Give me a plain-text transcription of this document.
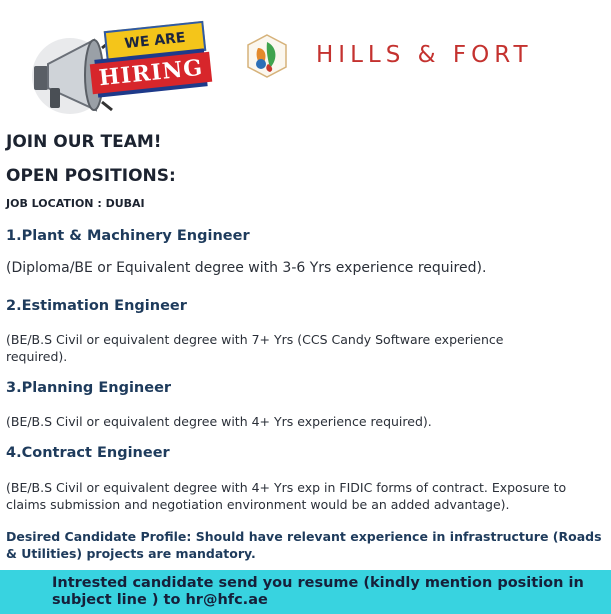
WE ARE
HIRING	HILLS & FORT
JOIN OUR TEAM!
OPEN POSITIONS:
JOB LOCATION : DUBAI
1.Plant & Machinery Engineer
(Diploma/BE or Equivalent degree with 3-6 Yrs experience required).
2.Estimation Engineer
(BE/B.S Civil or equivalent degree with 7+ Yrs (CCS Candy Software experience required).
3.Planning Engineer
(BE/B.S Civil or equivalent degree with 4+ Yrs experience required).
4.Contract Engineer
(BE/B.S Civil or equivalent degree with 4+ Yrs exp in FIDIC forms of contract. Exposure to claims submission and negotiation environment would be an added advantage).
Desired Candidate Profile: Should have relevant experience in infrastructure (Roads & Utilities) projects are mandatory.
Intrested candidate send you resume (kindly mention position in subject line ) to hr@hfc.ae
